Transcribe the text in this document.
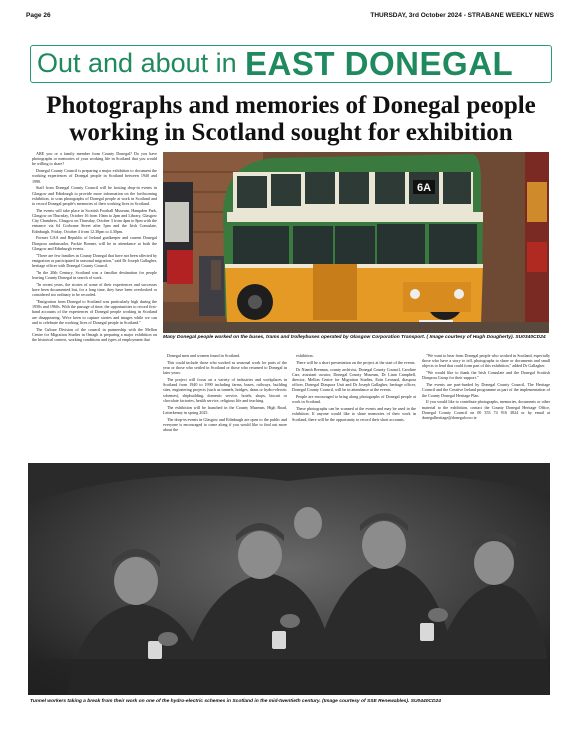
Page 26	THURSDAY, 3rd October 2024 - STRABANE WEEKLY NEWS
Out and about in EAST DONEGAL
Photographs and memories of Donegal people working in Scotland sought for exhibition

ARE you or a family member from County Donegal? Do you have photographs or memories of your working life in Scotland that you would be willing to share?

Donegal County Council is preparing a major exhibition to document the working experiences of Donegal people in Scotland between 1940 and 1990.

Staff from Donegal County Council will be hosting drop-in events in Glasgow and Edinburgh to provide more information on the forthcoming exhibition, to scan photographs of Donegal people at work in Scotland and to record Donegal people's memories of their working lives in Scotland.

The events will take place in Scottish Football Museum, Hampden Park, Glasgow on Thursday, October 16 from 10am to 2pm and Library, Glasgow City Chambers, Glasgow on Thursday, October 3 from 4pm to 8pm with the entrance via 64 Cochrane Street after 5pm and the Irish Consulate, Edinburgh, Friday, October 4 from 12.30pm to 4.30pm.

Former GAA and Republic of Ireland goalkeeper and current Donegal Diaspora ambassador, Packie Bonner, will be in attendance at both the Glasgow and Edinburgh events.

"There are few families in County Donegal that have not been affected by emigration or participated in seasonal migration," said Dr Joseph Gallagher, heritage officer with Donegal County Council.

"In the 20th Century, Scotland was a familiar destination for people leaving County Donegal in search of work.

"In recent years, the stories of some of their experiences and successes have been documented but, for a long time, they have been overlooked or considered too ordinary to be recorded.

"Emigration from Donegal to Scotland was particularly high during the 1950s and 1960s. With the passage of time, the opportunities to record first-hand accounts of the experiences of Donegal people working in Scotland are disappearing. We're keen to capture stories and images while we can and to celebrate the working lives of Donegal people in Scotland."

The Culture Division of the council in partnership with the Mellon Centre for Migration Studies in Omagh is preparing a major exhibition on the historical context, working conditions and types of employment that

6A
Many Donegal people worked on the buses, trams and trolleybuses operated by Glasgow Corporation Transport. ( Image courtesy of Hugh Dougherty). SU0340CD24

Donegal men and women found in Scotland.

This could include those who worked as seasonal work for parts of the year or those who settled in Scotland or those who returned to Donegal in later years.

The project will focus on a variety of industries and workplaces in Scotland from 1940 to 1990 including farms, buses, railways, building sites, engineering projects (such as tunnels, bridges, dams or hydro-electric schemes), shipbuilding, domestic service, hotels, shops, biscuit or chocolate factories, health service, religious life and teaching.

The exhibition will be launched in the County Museum, High Road, Letterkenny in spring 2025.

The drop-in events in Glasgow and Edinburgh are open to the public and everyone is encouraged to come along if you would like to find out more about the

exhibition.

There will be a short presentation on the project at the start of the events.

Dr Niamh Brennan, county archivist, Donegal County Council, Caroline Carr, assistant curator, Donegal County Museum, Dr Liam Campbell, director, Mellon Centre for Migration Studies, Eoin Leonard, diaspora officer, Donegal Diaspora Unit and Dr Joseph Gallagher, heritage officer, Donegal County Council, will be in attendance at the events.

People are encouraged to bring along photographs of Donegal people at work in Scotland.

These photographs can be scanned at the events and may be used in the exhibition. If anyone would like to share memories of their work in Scotland, there will be the opportunity to record their short accounts.

"We want to hear from Donegal people who worked in Scotland, especially those who have a story to tell, photographs to share or documents and small objects to lend that could form part of this exhibition," added Dr Gallagher.

"We would like to thank the Irish Consulate and the Donegal Scottish Diaspora Group for their support."

The events are part-funded by Donegal County Council, The Heritage Council and the Creative Ireland programme as part of the implementation of the County Donegal Heritage Plan.

If you would like to contribute photographs, memories, documents or other material to the exhibition, contact the County Donegal Heritage Office, Donegal County Council on 00 353 74 916 3824 or by email at donegalheritage@donegalcoco.ie

Tunnel workers taking a break from their work on one of the hydro-electric schemes in Scotland in the mid-twentieth century. (Image courtesy of SSE Renewables). SU0440CD24
